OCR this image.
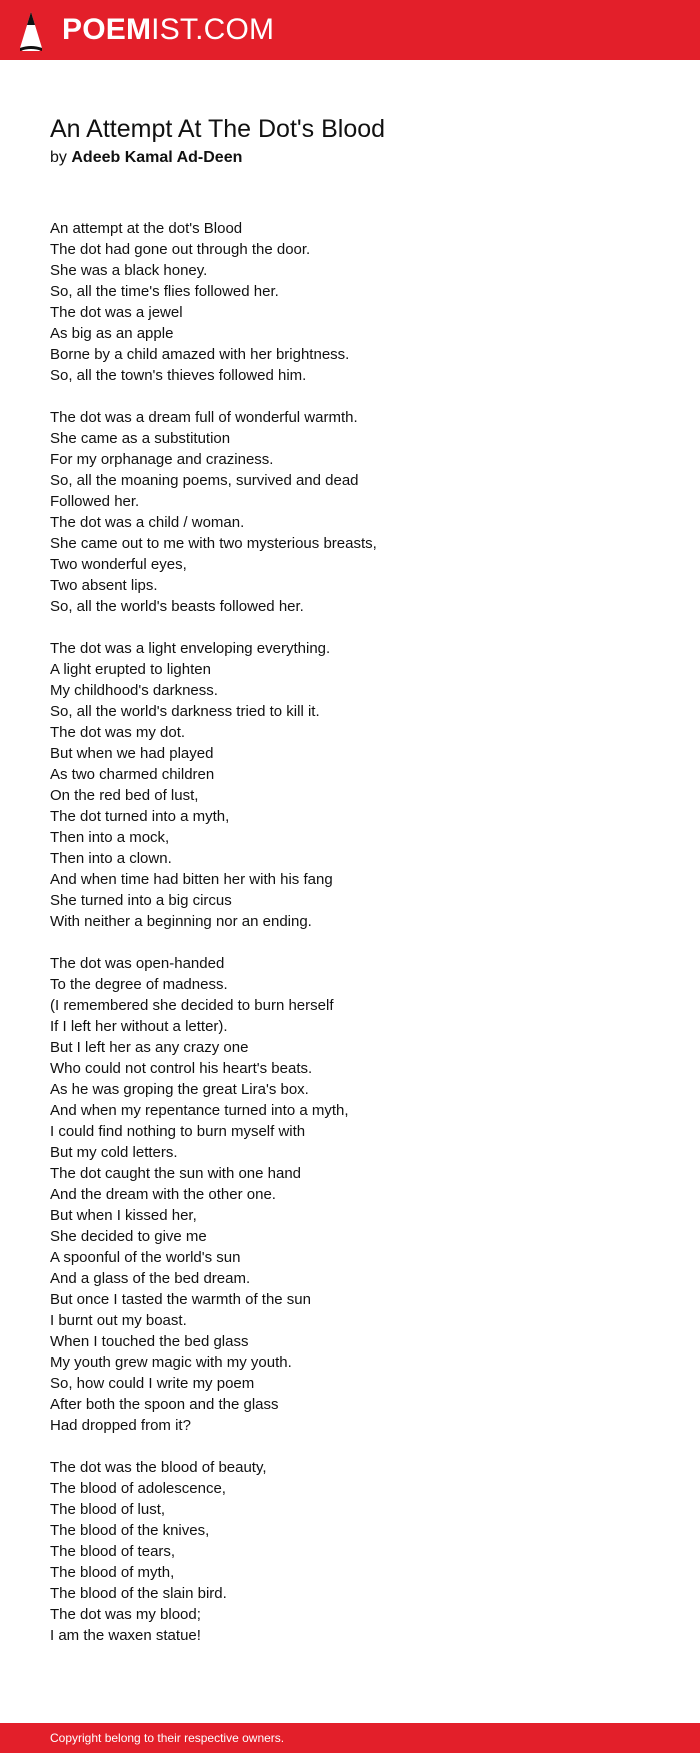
POEMIST.COM
An Attempt At The Dot's Blood
by Adeeb Kamal Ad-Deen
An attempt at the dot's Blood
The dot had gone out through the door.
She was a black honey.
So, all the time's flies followed her.
The dot was a jewel
As big as an apple
Borne by a child amazed with her brightness.
So, all the town's thieves followed him.
The dot was a dream full of wonderful warmth.
She came as a substitution
For my orphanage and craziness.
So, all the moaning poems, survived and dead
Followed her.
The dot was a child / woman.
She came out to me with two mysterious breasts,
Two wonderful eyes,
Two absent lips.
So, all the world's beasts followed her.
The dot was a light enveloping everything.
A light erupted to lighten
My childhood's darkness.
So, all the world's darkness tried to kill it.
The dot was my dot.
But when we had played
As two charmed children
On the red bed of lust,
The dot turned into a myth,
Then into a mock,
Then into a clown.
And when time had bitten her with his fang
She turned into a big circus
With neither a beginning nor an ending.
The dot was open-handed
To the degree of madness.
(I remembered she decided to burn herself
If I left her without a letter).
But I left her as any crazy one
Who could not control his heart's beats.
As he was groping the great Lira's box.
And when my repentance turned into a myth,
I could find nothing to burn myself with
But my cold letters.
The dot caught the sun with one hand
And the dream with the other one.
But when I kissed her,
She decided to give me
A spoonful of the world's sun
And a glass of the bed dream.
But once I tasted the warmth of the sun
I burnt out my boast.
When I touched the bed glass
My youth grew magic with my youth.
So, how could I write my poem
After both the spoon and the glass
Had dropped from it?
The dot was the blood of beauty,
The blood of adolescence,
The blood of lust,
The blood of the knives,
The blood of tears,
The blood of myth,
The blood of the slain bird.
The dot was my blood;
I am the waxen statue!
Copyright belong to their respective owners.
